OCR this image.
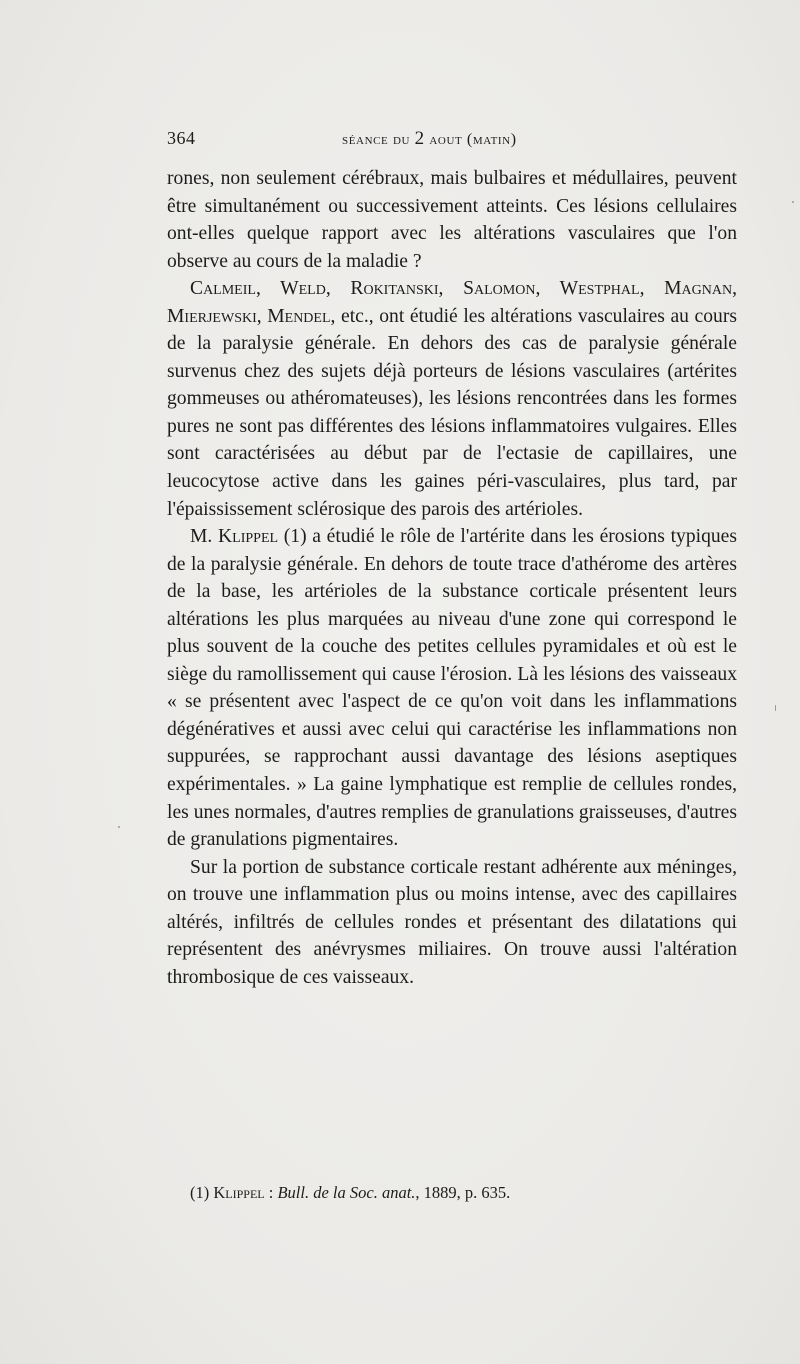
364	séance du 2 aout (matin)

rones, non seulement cérébraux, mais bulbaires et médullaires, peuvent être simultanément ou successivement atteints. Ces lésions cellulaires ont-elles quelque rapport avec les altérations vasculaires que l'on observe au cours de la maladie ?

Calmeil, Weld, Rokitanski, Salomon, Westphal, Magnan, Mierjewski, Mendel, etc., ont étudié les altérations vasculaires au cours de la paralysie générale. En dehors des cas de paralysie générale survenus chez des sujets déjà porteurs de lésions vasculaires (artérites gommeuses ou athéromateuses), les lésions rencontrées dans les formes pures ne sont pas différentes des lésions inflammatoires vulgaires. Elles sont caractérisées au début par de l'ectasie de capillaires, une leucocytose active dans les gaines péri-vasculaires, plus tard, par l'épaississement sclérosique des parois des artérioles.

M. Klippel (1) a étudié le rôle de l'artérite dans les érosions typiques de la paralysie générale. En dehors de toute trace d'athérome des artères de la base, les artérioles de la substance corticale présentent leurs altérations les plus marquées au niveau d'une zone qui correspond le plus souvent de la couche des petites cellules pyramidales et où est le siège du ramollissement qui cause l'érosion. Là les lésions des vaisseaux « se présentent avec l'aspect de ce qu'on voit dans les inflammations dégénératives et aussi avec celui qui caractérise les inflammations non suppurées, se rapprochant aussi davantage des lésions aseptiques expérimentales. » La gaine lymphatique est remplie de cellules rondes, les unes normales, d'autres remplies de granulations graisseuses, d'autres de granulations pigmentaires.

Sur la portion de substance corticale restant adhérente aux méninges, on trouve une inflammation plus ou moins intense, avec des capillaires altérés, infiltrés de cellules rondes et présentant des dilatations qui représentent des anévrysmes miliaires. On trouve aussi l'altération thrombosique de ces vaisseaux.

(1) Klippel : Bull. de la Soc. anat., 1889, p. 635.
